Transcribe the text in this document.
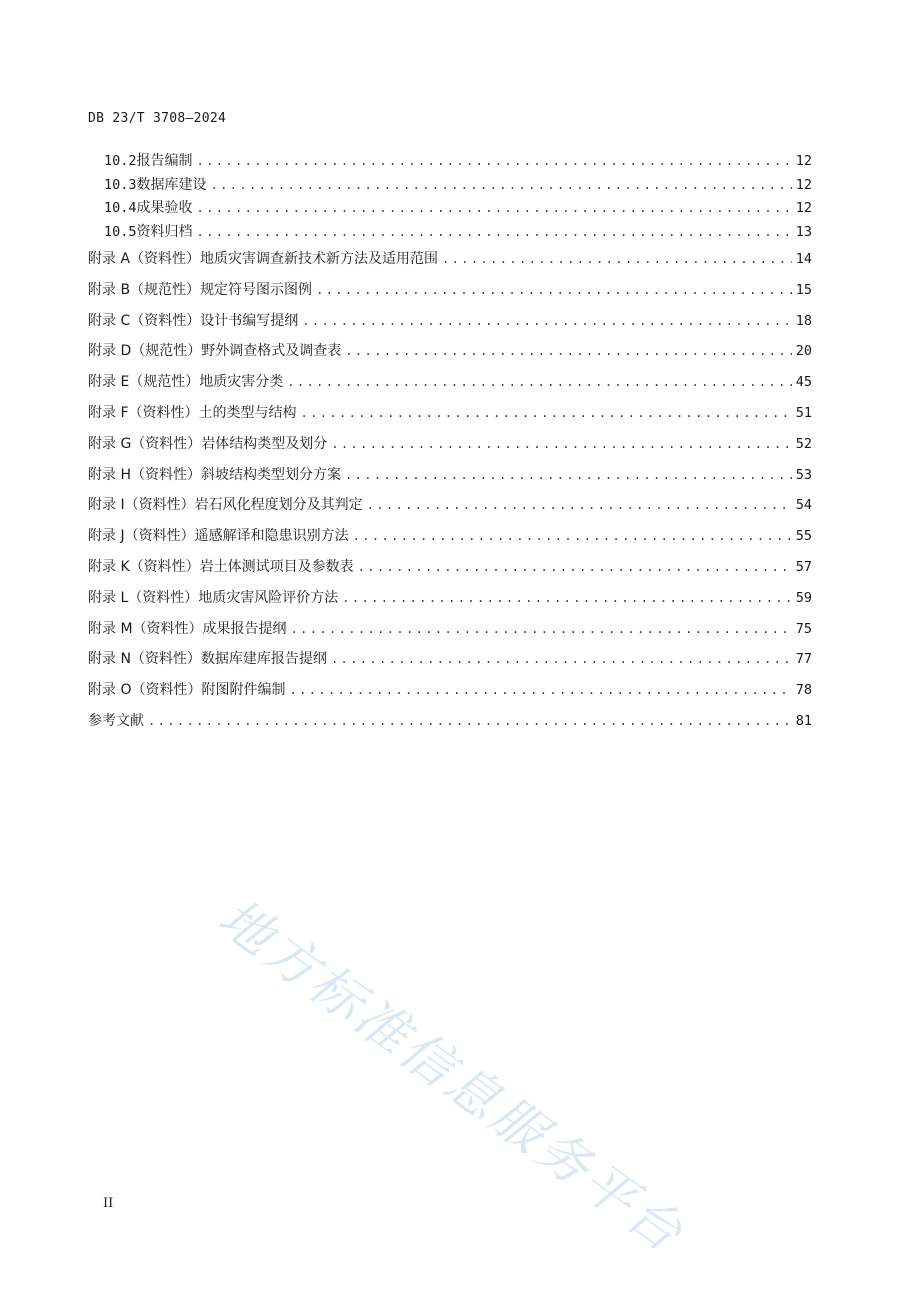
DB 23/T 3708—2024
10.2 报告编制 .....	12
10.3 数据库建设 .....	12
10.4 成果验收 .....	12
10.5 资料归档 .....	13
附录 A（资料性） 地质灾害调查新技术新方法及适用范围 .....	14
附录 B（规范性） 规定符号图示图例 .....	15
附录 C（资料性） 设计书编写提纲 .....	18
附录 D（规范性） 野外调查格式及调查表 .....	20
附录 E（规范性） 地质灾害分类 .....	45
附录 F（资料性） 土的类型与结构 .....	51
附录 G（资料性） 岩体结构类型及划分 .....	52
附录 H（资料性） 斜坡结构类型划分方案 .....	53
附录 I（资料性） 岩石风化程度划分及其判定 .....	54
附录 J（资料性） 遥感解译和隐患识别方法 .....	55
附录 K（资料性） 岩土体测试项目及参数表 .....	57
附录 L（资料性） 地质灾害风险评价方法 .....	59
附录 M（资料性） 成果报告提纲 .....	75
附录 N（资料性） 数据库建库报告提纲 .....	77
附录 O（资料性） 附图附件编制 .....	78
参考文献 .....	81
地方标准信息服务平台
II
